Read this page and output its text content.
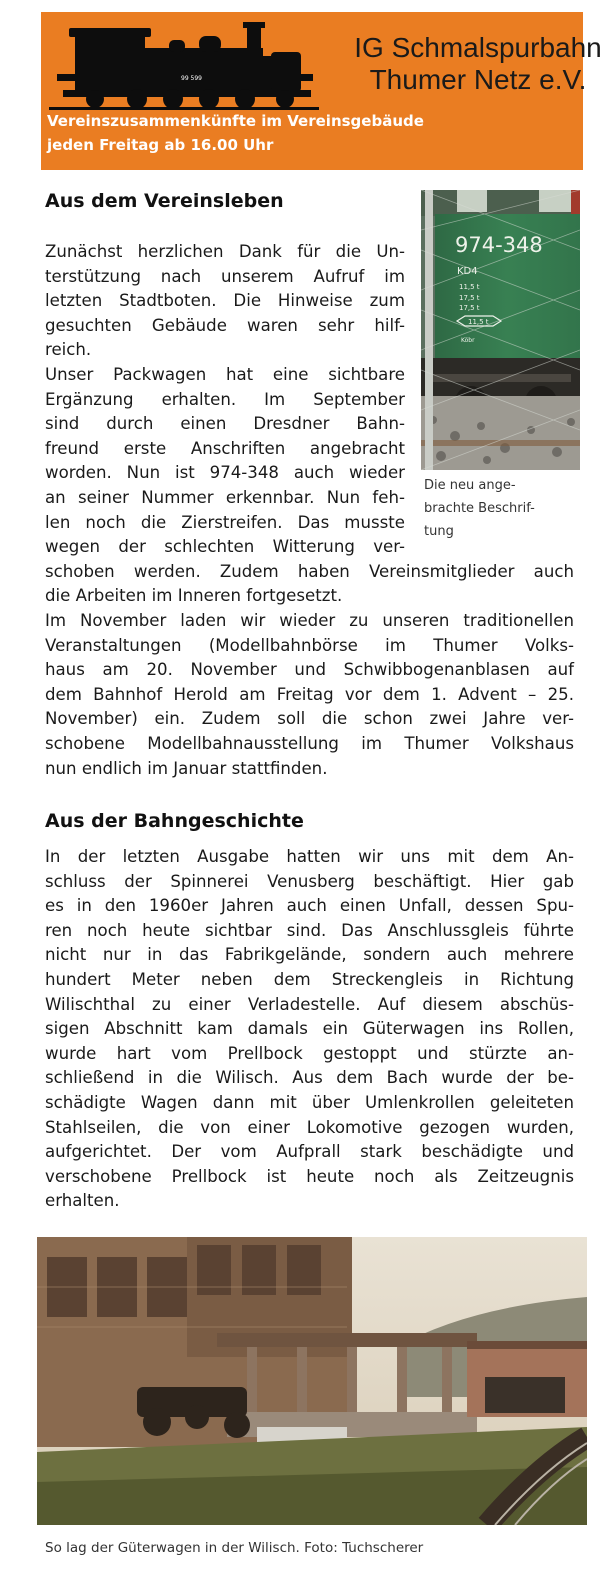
99 599
IG Schmalspurbahn
Thumer Netz e.V.
Vereinszusammenkünfte im Vereinsgebäude
jeden Freitag ab 16.00 Uhr
Aus dem Vereinsleben
Zunächst herzlichen Dank für die Un-
terstützung nach unserem Aufruf im
letzten Stadtboten. Die Hinweise zum
gesuchten Gebäude waren sehr hilf-
reich.
Unser Packwagen hat eine sichtbare
Ergänzung erhalten. Im September
sind durch einen Dresdner Bahn-
freund erste Anschriften angebracht
worden. Nun ist 974-348 auch wieder
an seiner Nummer erkennbar. Nun feh-
len noch die Zierstreifen. Das musste
wegen der schlechten Witterung ver-
schoben werden. Zudem haben Vereinsmitglieder auch
die Arbeiten im Inneren fortgesetzt.
Im November laden wir wieder zu unseren traditionellen
Veranstaltungen (Modellbahnbörse im Thumer Volks-
haus am 20. November und Schwibbogenanblasen auf
dem Bahnhof Herold am Freitag vor dem 1. Advent – 25.
November) ein. Zudem soll die schon zwei Jahre ver-
schobene Modellbahnausstellung im Thumer Volkshaus
nun endlich im Januar stattfinden.
974-348
KD4
11,5 t
17,5 t
17,5 t
11,5 t
Köbr
Die neu ange-
brachte Beschrif-
tung
Aus der Bahngeschichte
In der letzten Ausgabe hatten wir uns mit dem An-
schluss der Spinnerei Venusberg beschäftigt. Hier gab
es in den 1960er Jahren auch einen Unfall, dessen Spu-
ren noch heute sichtbar sind. Das Anschlussgleis führte
nicht nur in das Fabrikgelände, sondern auch mehrere
hundert Meter neben dem Streckengleis in Richtung
Wilischthal zu einer Verladestelle. Auf diesem abschüs-
sigen Abschnitt kam damals ein Güterwagen ins Rollen,
wurde hart vom Prellbock gestoppt und stürzte an-
schließend in die Wilisch. Aus dem Bach wurde der be-
schädigte Wagen dann mit über Umlenkrollen geleiteten
Stahlseilen, die von einer Lokomotive gezogen wurden,
aufgerichtet. Der vom Aufprall stark beschädigte und
verschobene Prellbock ist heute noch als Zeitzeugnis
erhalten.
So lag der Güterwagen in der Wilisch. Foto: Tuchscherer
